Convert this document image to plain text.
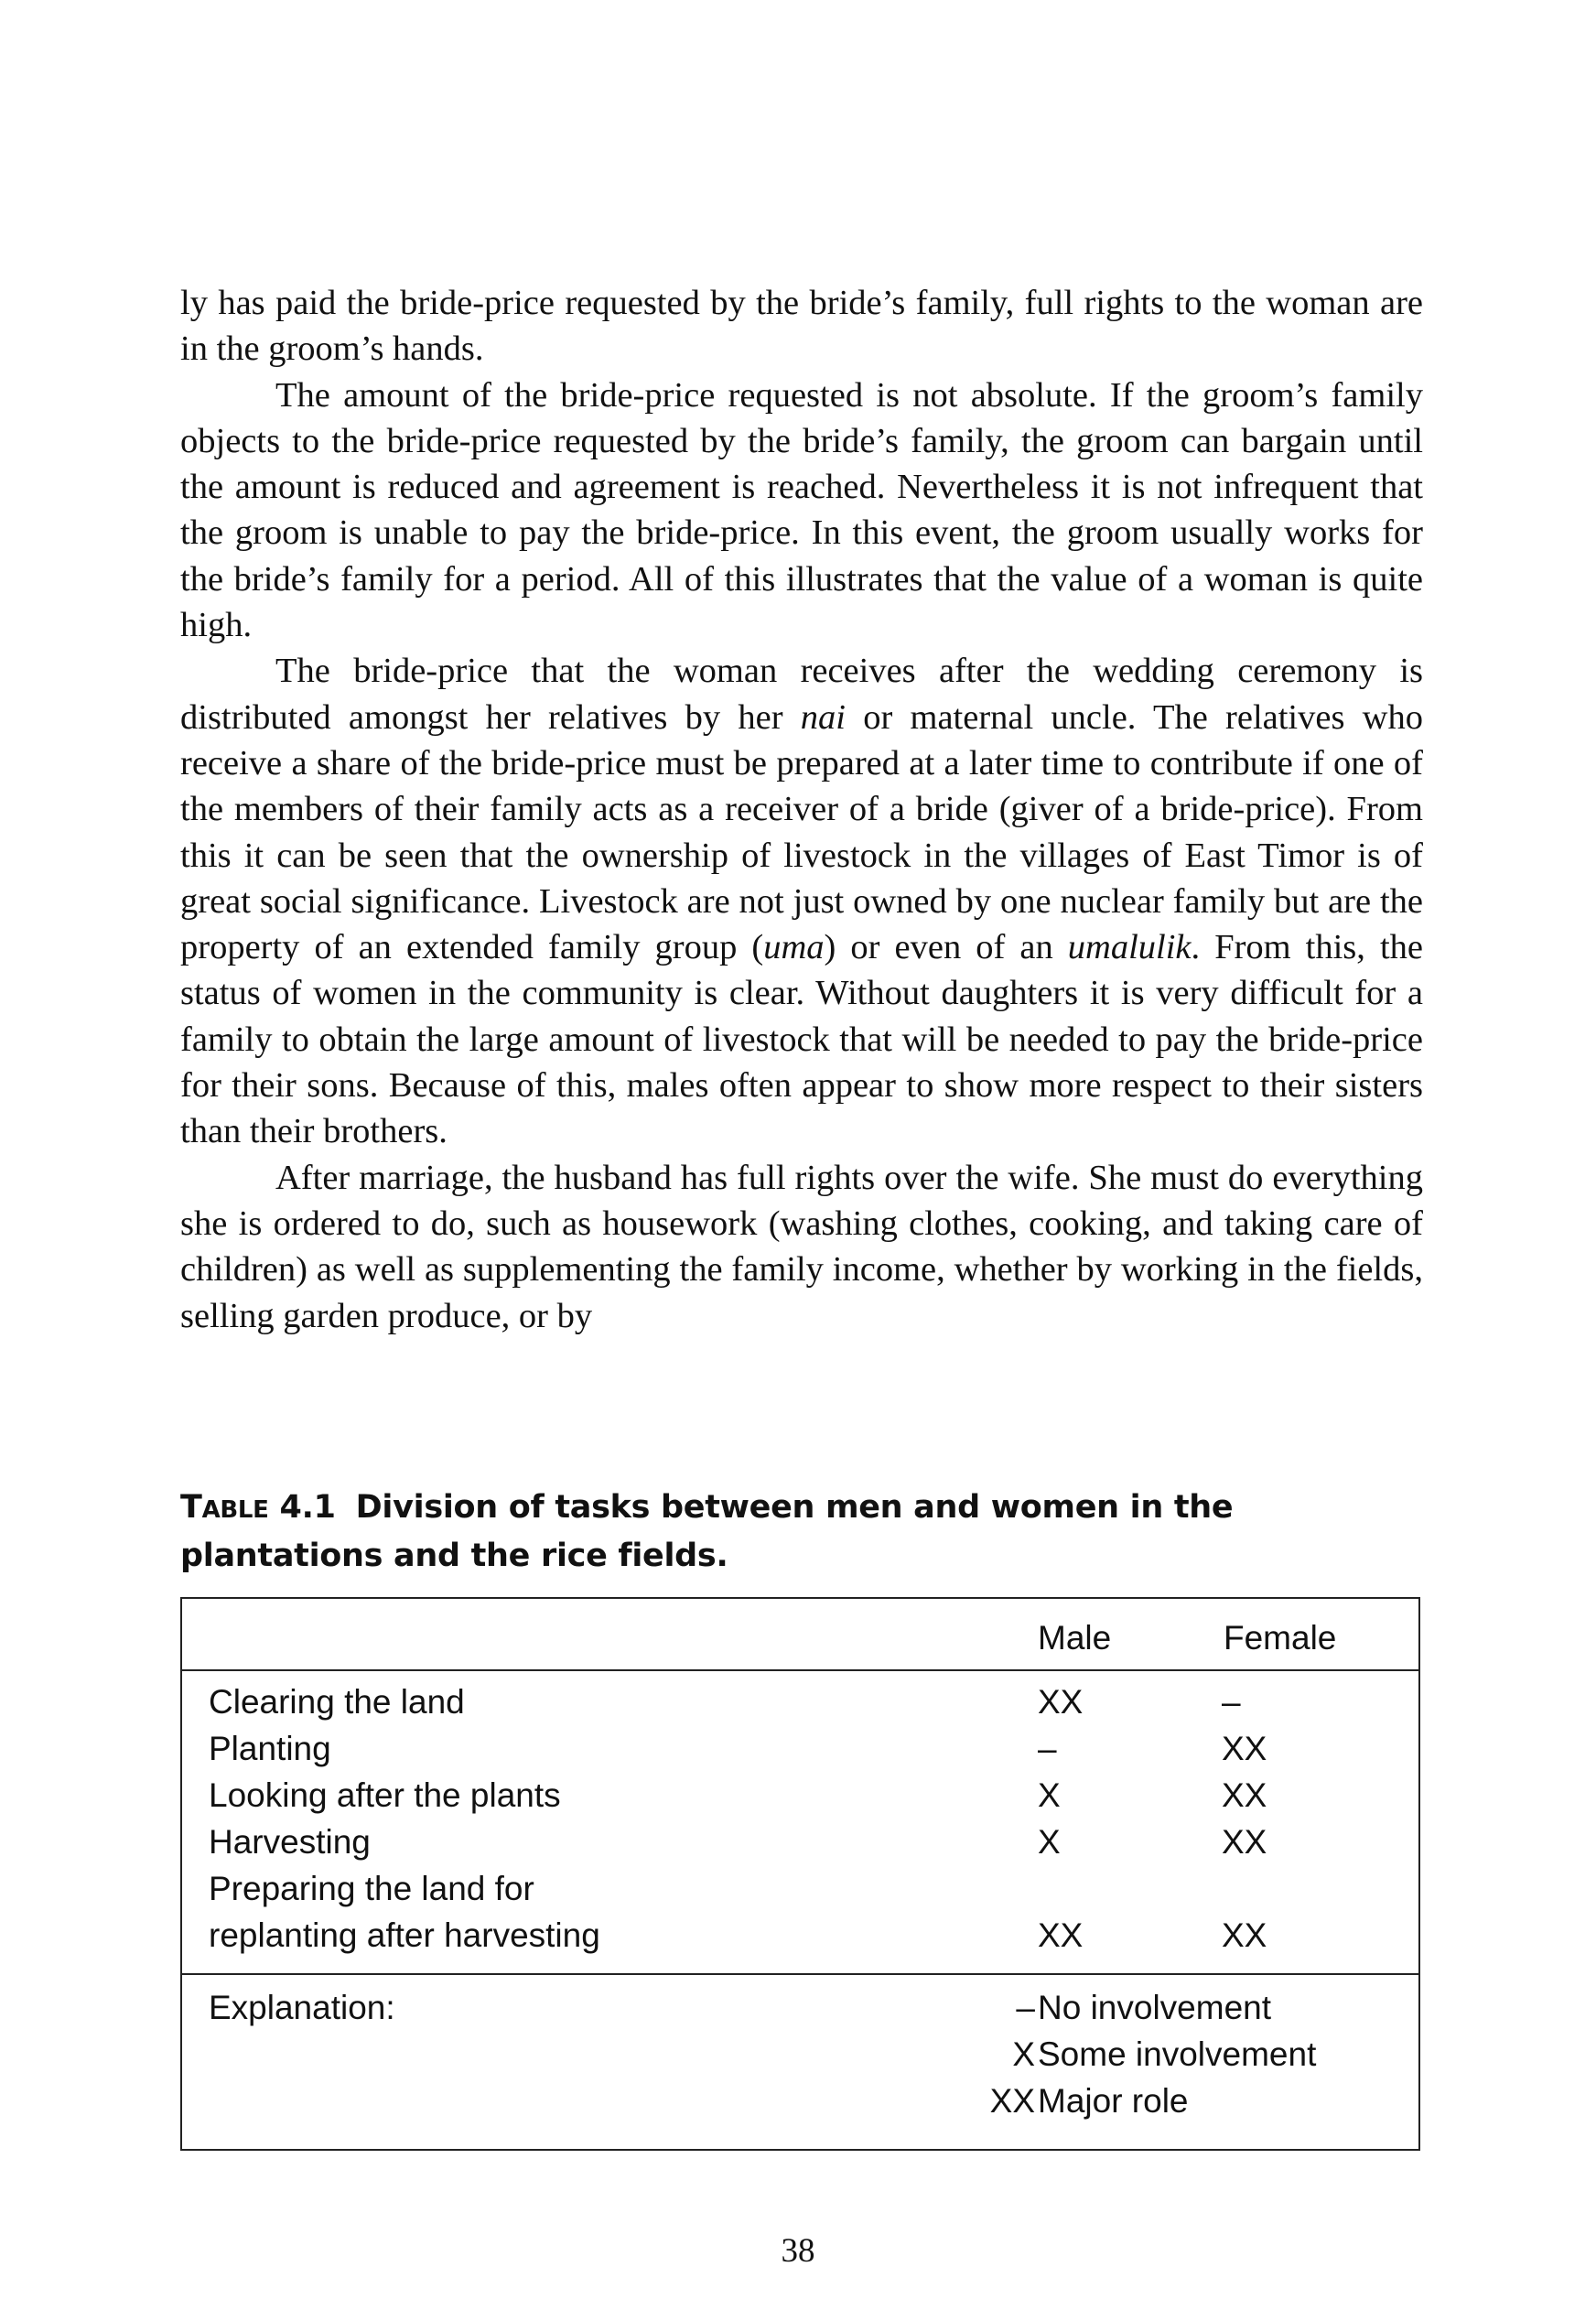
ly has paid the bride-price requested by the bride’s family, full rights to the woman are in the groom’s hands.

The amount of the bride-price requested is not absolute. If the groom’s family objects to the bride-price requested by the bride’s family, the groom can bargain until the amount is reduced and agreement is reached. Nevertheless it is not infrequent that the groom is unable to pay the bride-price. In this event, the groom usually works for the bride’s family for a period. All of this illustrates that the value of a woman is quite high.

The bride-price that the woman receives after the wedding ceremony is distributed amongst her relatives by her nai or maternal uncle. The relatives who receive a share of the bride-price must be prepared at a later time to contribute if one of the members of their family acts as a receiver of a bride (giver of a bride-price). From this it can be seen that the ownership of livestock in the villages of East Timor is of great social significance. Livestock are not just owned by one nuclear family but are the property of an extended family group (uma) or even of an umalulik. From this, the status of women in the community is clear. Without daughters it is very difficult for a family to obtain the large amount of livestock that will be needed to pay the bride-price for their sons. Because of this, males often appear to show more respect to their sisters than their brothers.

After marriage, the husband has full rights over the wife. She must do everything she is ordered to do, such as housework (washing clothes, cooking, and taking care of children) as well as supplementing the family income, whether by working in the fields, selling garden produce, or by

TABLE 4.1 Division of tasks between men and women in the plantations and the rice fields.
Male	Female
Clearing the land	XX	–
Planting	–	XX
Looking after the plants	X	XX
Harvesting	X	XX
Preparing the land for
replanting after harvesting	XX	XX
Explanation:	– No involvement
X Some involvement
XX Major role
38
